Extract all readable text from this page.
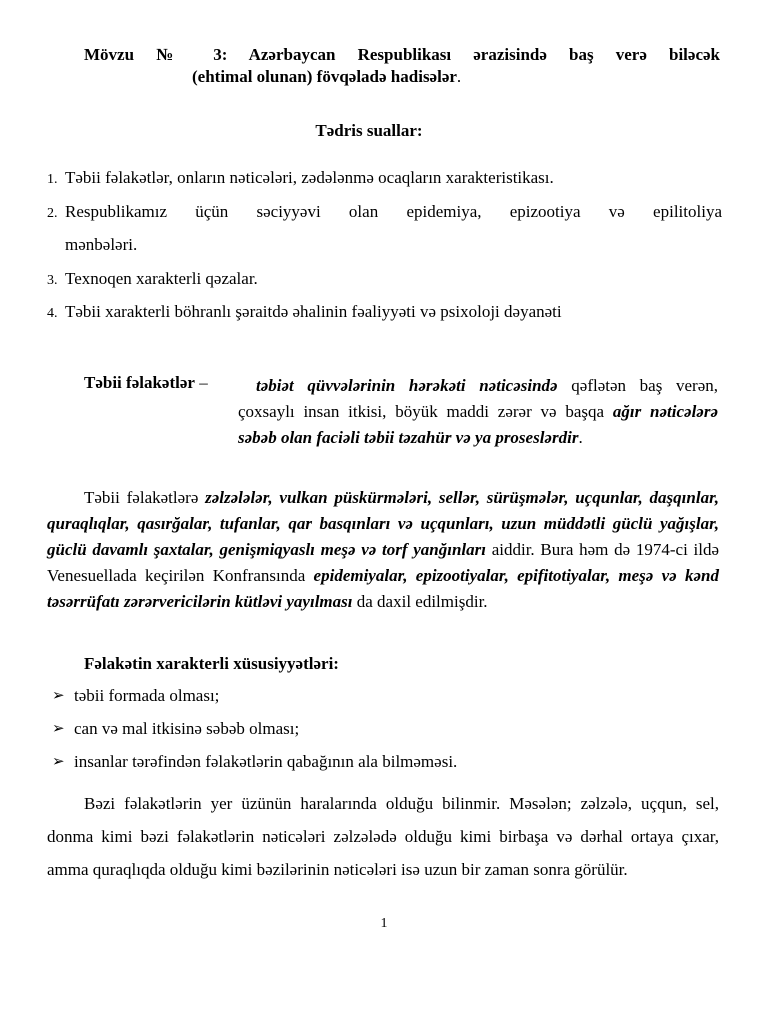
Mövzu № 3: Azərbaycan Respublikası ərazisində baş verə biləcək
(ehtimal olunan) fövqəladə hadisələr.
Tədris suallar:
1. Təbii fəlakətlər, onların nəticələri, zədələnmə ocaqların xarakteristikası.
2. Respublikamız üçün səciyyəvi olan epidemiya, epizootiya və epilitoliya
mənbələri.
3. Texnoqen xarakterli qəzalar.
4. Təbii xarakterli böhranlı şəraitdə əhalinin fəaliyyəti və psixoloji dəyanəti
Təbii fəlakətlər –	təbiət qüvvələrinin hərəkəti nəticəsində qəflətən baş verən, çoxsaylı insan itkisi, böyük maddi zərər və başqa ağır nəticələrə səbəb olan faciəli təbii təzahür və ya proseslərdir.
Təbii fəlakətlərə zəlzələlər, vulkan püskürmələri, sellər, sürüşmələr, uçqunlar, daşqınlar, quraqlıqlar, qasırğalar, tufanlar, qar basqınları və uçqunları, uzun müddətli güclü yağışlar, güclü davamlı şaxtalar, genişmiqyaslı meşə və torf yanğınları aiddir. Bura həm də 1974-ci ildə Venesuellada keçirilən Konfransında epidemiyalar, epizootiyalar, epifitotiyalar, meşə və kənd təsərrüfatı zərərvericilərin kütləvi yayılması da daxil edilmişdir.
Fəlakətin xarakterli xüsusiyyətləri:
➢ təbii formada olması;
➢ can və mal itkisinə səbəb olması;
➢ insanlar tərəfindən fəlakətlərin qabağının ala bilməməsi.
Bəzi fəlakətlərin yer üzünün haralarında olduğu bilinmir. Məsələn; zəlzələ, uçqun, sel, donma kimi bəzi fəlakətlərin nəticələri zəlzələdə olduğu kimi birbaşa və dərhal ortaya çıxar, amma quraqlıqda olduğu kimi bəzilərinin nəticələri isə uzun bir zaman sonra görülür.
1
